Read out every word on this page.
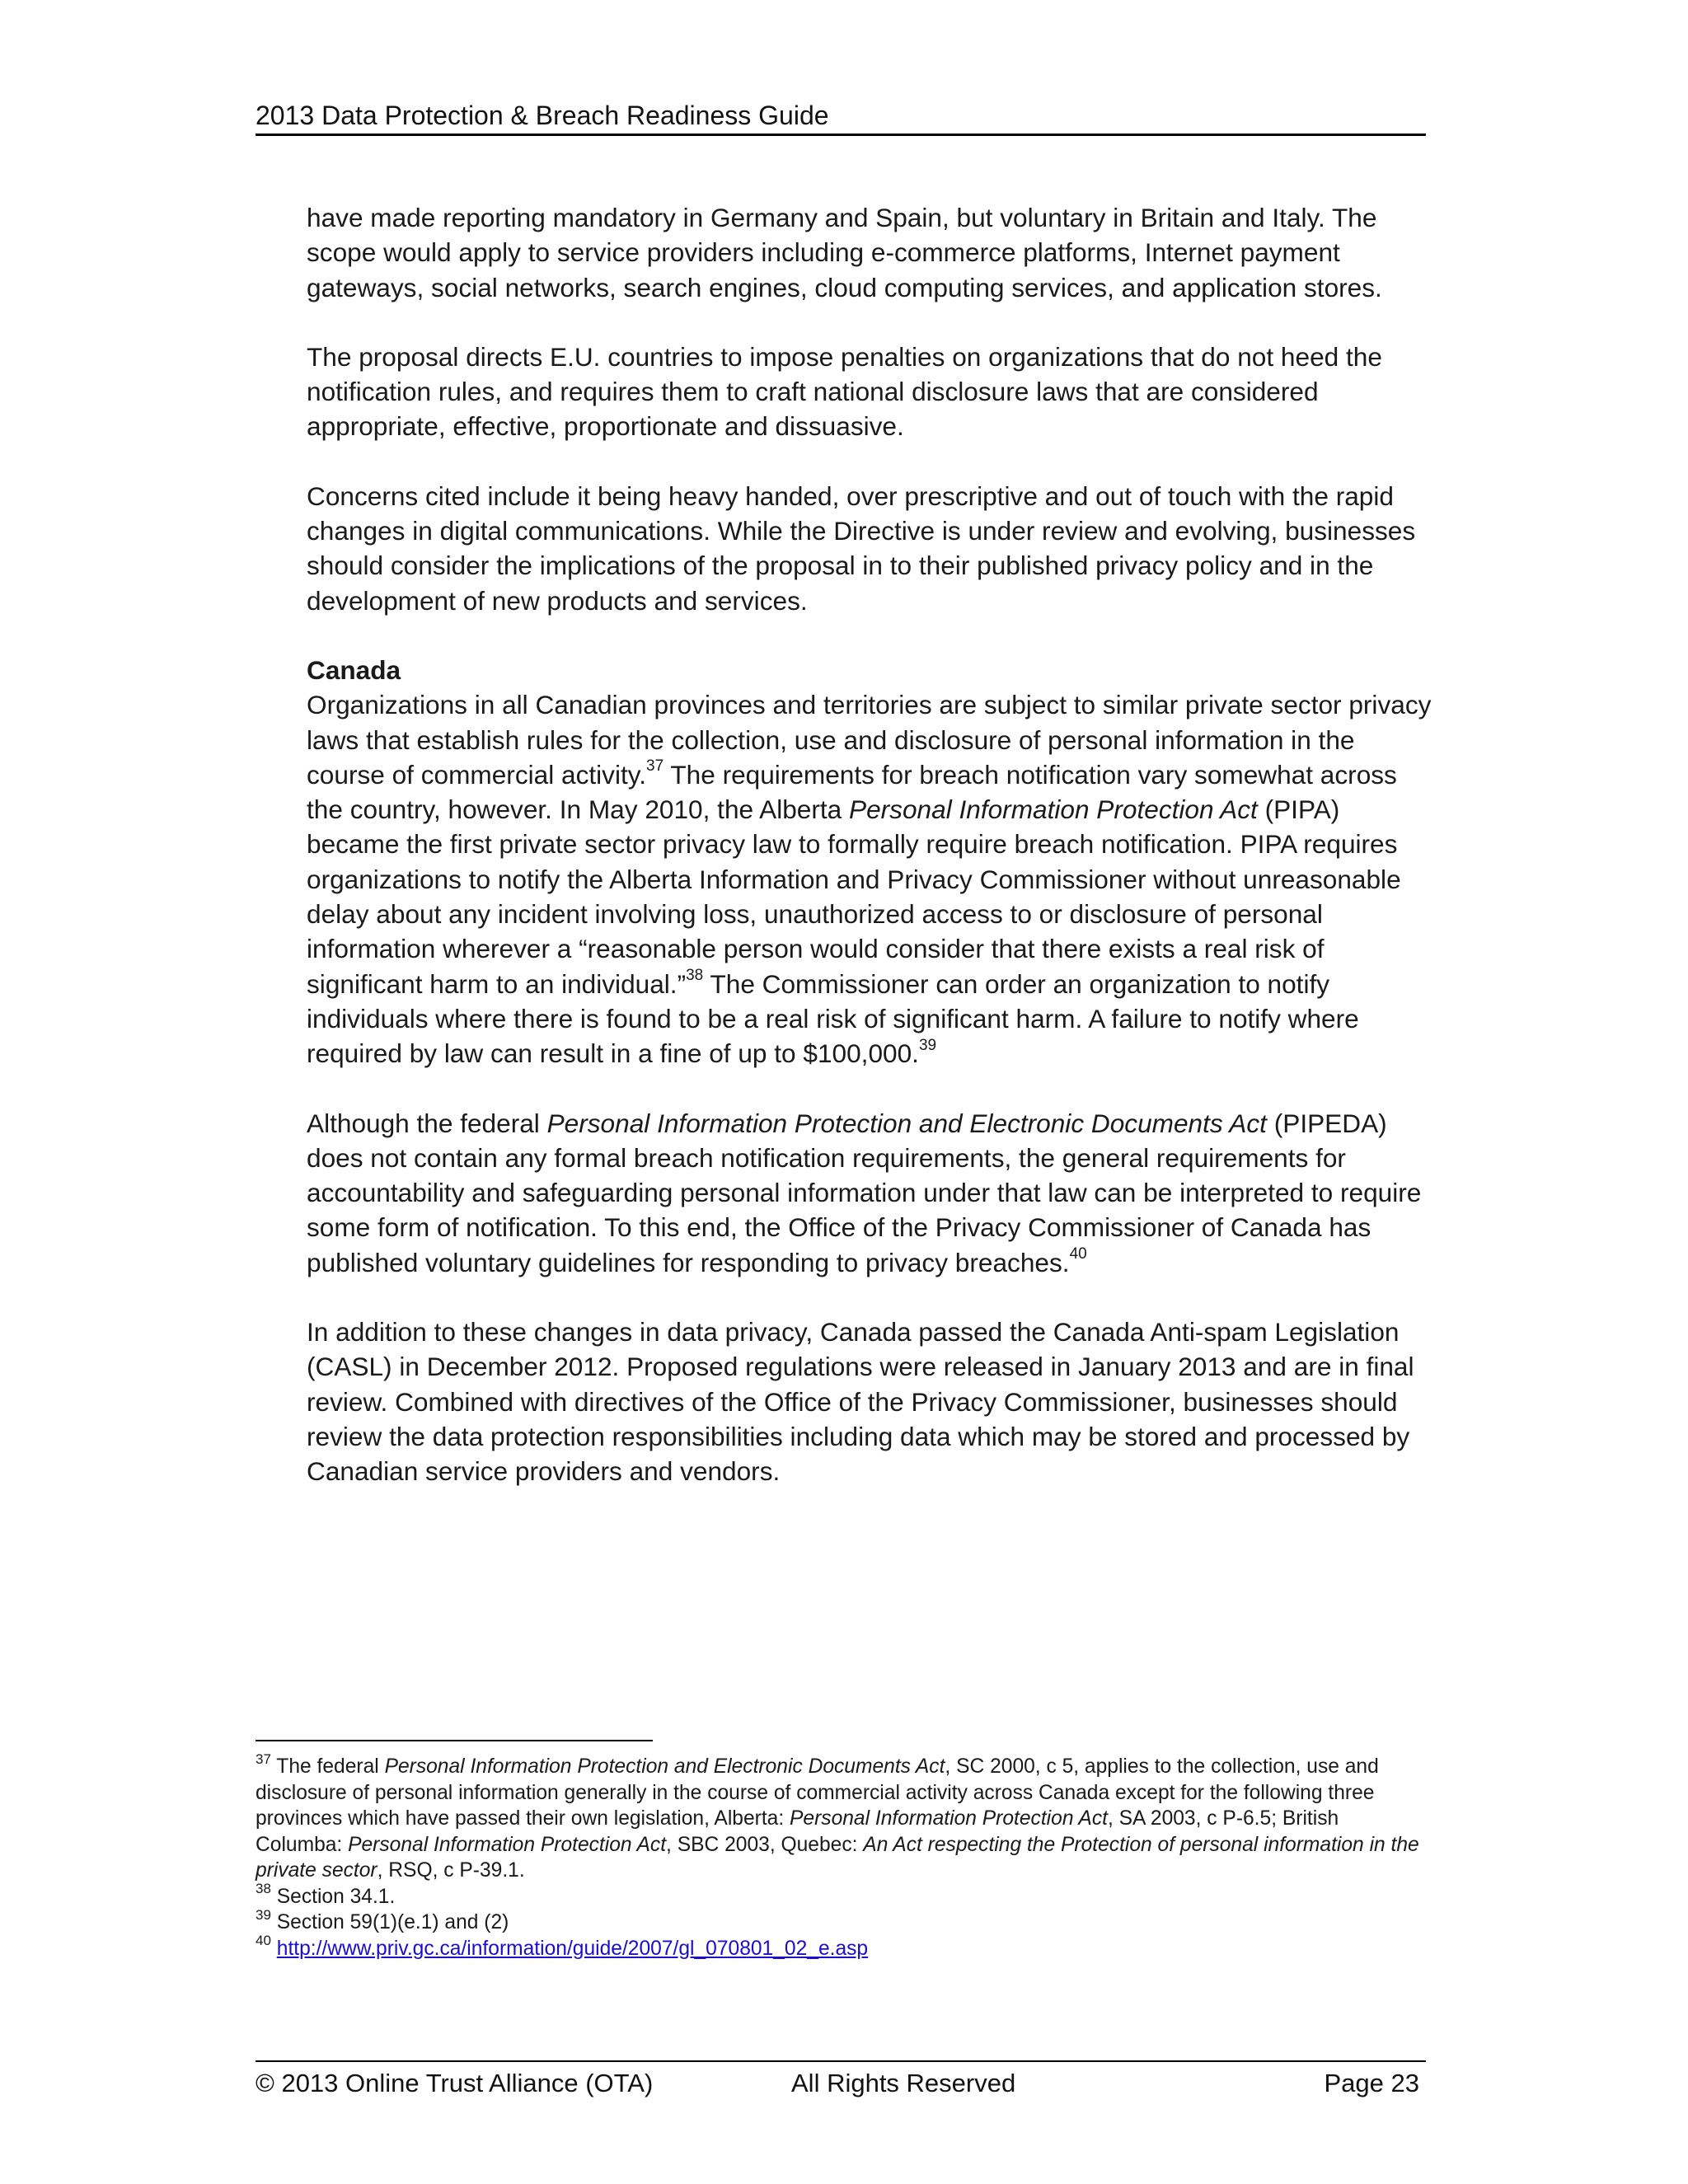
2013 Data Protection & Breach Readiness Guide

have made reporting mandatory in Germany and Spain, but voluntary in Britain and Italy. The scope would apply to service providers including e-commerce platforms, Internet payment gateways, social networks, search engines, cloud computing services, and application stores.

The proposal directs E.U. countries to impose penalties on organizations that do not heed the notification rules, and requires them to craft national disclosure laws that are considered appropriate, effective, proportionate and dissuasive.

Concerns cited include it being heavy handed, over prescriptive and out of touch with the rapid changes in digital communications. While the Directive is under review and evolving, businesses should consider the implications of the proposal in to their published privacy policy and in the development of new products and services.

Canada

Organizations in all Canadian provinces and territories are subject to similar private sector privacy laws that establish rules for the collection, use and disclosure of personal information in the course of commercial activity.$^{37}$ The requirements for breach notification vary somewhat across the country, however. In May 2010, the Alberta Personal Information Protection Act (PIPA) became the first private sector privacy law to formally require breach notification. PIPA requires organizations to notify the Alberta Information and Privacy Commissioner without unreasonable delay about any incident involving loss, unauthorized access to or disclosure of personal information wherever a “reasonable person would consider that there exists a real risk of significant harm to an individual.”$^{38}$ The Commissioner can order an organization to notify individuals where there is found to be a real risk of significant harm. A failure to notify where required by law can result in a fine of up to $100,000.39

Although the federal Personal Information Protection and Electronic Documents Act (PIPEDA) does not contain any formal breach notification requirements, the general requirements for accountability and safeguarding personal information under that law can be interpreted to require some form of notification. To this end, the Office of the Privacy Commissioner of Canada has published voluntary guidelines for responding to privacy breaches.$^{40}$

In addition to these changes in data privacy, Canada passed the Canada Anti-spam Legislation (CASL) in December 2012. Proposed regulations were released in January 2013 and are in final review. Combined with directives of the Office of the Privacy Commissioner, businesses should review the data protection responsibilities including data which may be stored and processed by Canadian service providers and vendors.

$^{37}$ The federal Personal Information Protection and Electronic Documents Act, SC 2000, c 5, applies to the collection, use and disclosure of personal information generally in the course of commercial activity across Canada except for the following three provinces which have passed their own legislation, Alberta: Personal Information Protection Act, SA 2003, c P-6.5; British Columba: Personal Information Protection Act, SBC 2003, Quebec: An Act respecting the Protection of personal information in the private sector, RSQ, c P-39.1.

$^{38}$ Section 34.1.

$^{39}$ Section 59(1)(e.1) and (2)

$^{40}$ http://www.priv.gc.ca/information/guide/2007/gl_070801_02_e.asp

© 2013 Online Trust Alliance (OTA)	All Rights Reserved	Page 23
